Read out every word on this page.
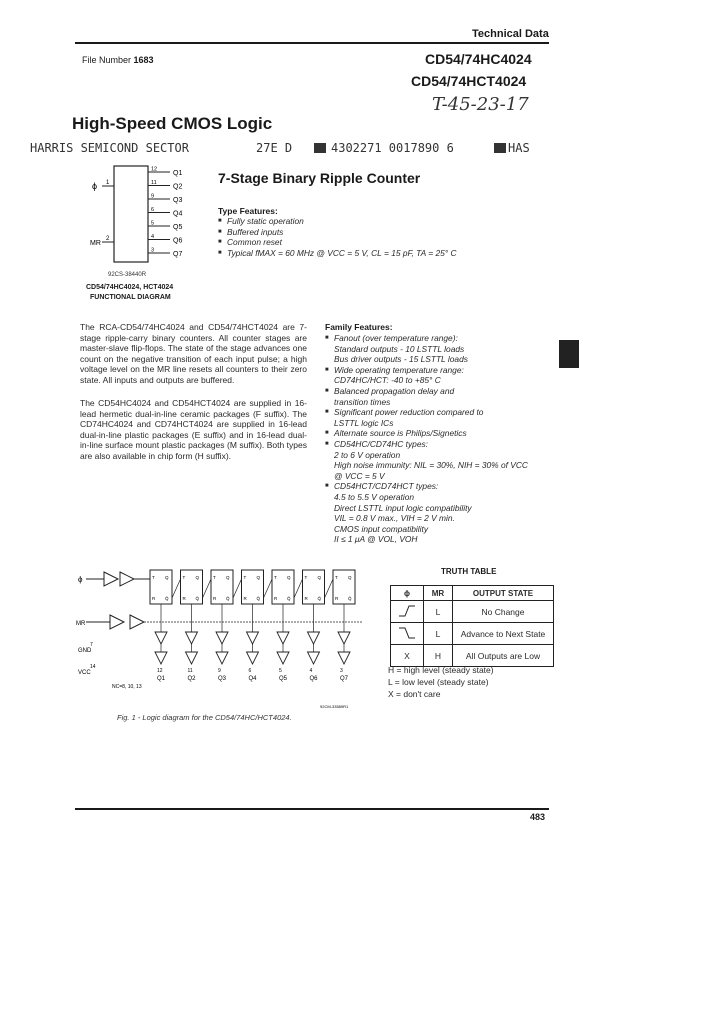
Technical Data
File Number 1683	CD54/74HC4024
CD54/74HCT4024
T-45-23-17
High-Speed CMOS Logic
HARRIS SEMICOND SECTOR	27E D	4302271 0017890 6	HAS
ϕ 1
MR
2
12
Q1
11
Q2
9
Q3
6
Q4
5
Q5
4
Q6
3
Q7
92CS-38440R
CD54/74HC4024, HCT4024
FUNCTIONAL DIAGRAM
7-Stage Binary Ripple Counter
Type Features:
■ Fully static operation
■ Buffered inputs
■ Common reset
■ Typical fMAX = 60 MHz @ VCC = 5 V, CL = 15 pF, TA = 25° C
The RCA-CD54/74HC4024 and CD54/74HCT4024 are 7-stage ripple-carry binary counters. All counter stages are master-slave flip-flops. The state of the stage advances one count on the negative transition of each input pulse; a high voltage level on the MR line resets all counters to their zero state. All inputs and outputs are buffered.
The CD54HC4024 and CD54HCT4024 are supplied in 16-lead hermetic dual-in-line ceramic packages (F suffix). The CD74HC4024 and CD74HCT4024 are supplied in 16-lead dual-in-line plastic packages (E suffix) and in 16-lead dual-in-line surface mount plastic packages (M suffix). Both types are also available in chip form (H suffix).
Family Features:
■ Fanout (over temperature range):
Standard outputs - 10 LSTTL loads
Bus driver outputs - 15 LSTTL loads
■ Wide operating temperature range:
CD74HC/HCT: -40 to +85° C
■ Balanced propagation delay and
transition times
■ Significant power reduction compared to
LSTTL logic ICs
■ Alternate source is Philips/Signetics
■ CD54HC/CD74HC types:
2 to 6 V operation
High noise immunity: NIL = 30%, NIH = 30% of VCC
@ VCC = 5 V
■ CD54HCT/CD74HCT types:
4.5 to 5.5 V operation
Direct LSTTL input logic compatibility
VIL = 0.8 V max., VIH = 2 V min.
CMOS input compatibility
II ≤ 1 μA @ VOL, VOH
ϕ
MR
T Q
R Q̄
12
Q1
T Q
R Q̄
11
Q2
T Q
R Q̄
9
Q3
T Q
R Q̄
6
Q4
T Q
R Q̄
5
Q5
T Q
R Q̄
4
Q6
T Q
R Q̄
3
Q7
GND
7
VCC
14
NC=8, 10, 13
92CM-33589R1
Fig. 1 - Logic diagram for the CD54/74HC/HCT4024.
TRUTH TABLE
ϕ	MR	OUTPUT STATE
	L	No Change
	L	Advance to Next State
X	H	All Outputs are Low
H = high level (steady state)
L = low level (steady state)
X = don't care
483
